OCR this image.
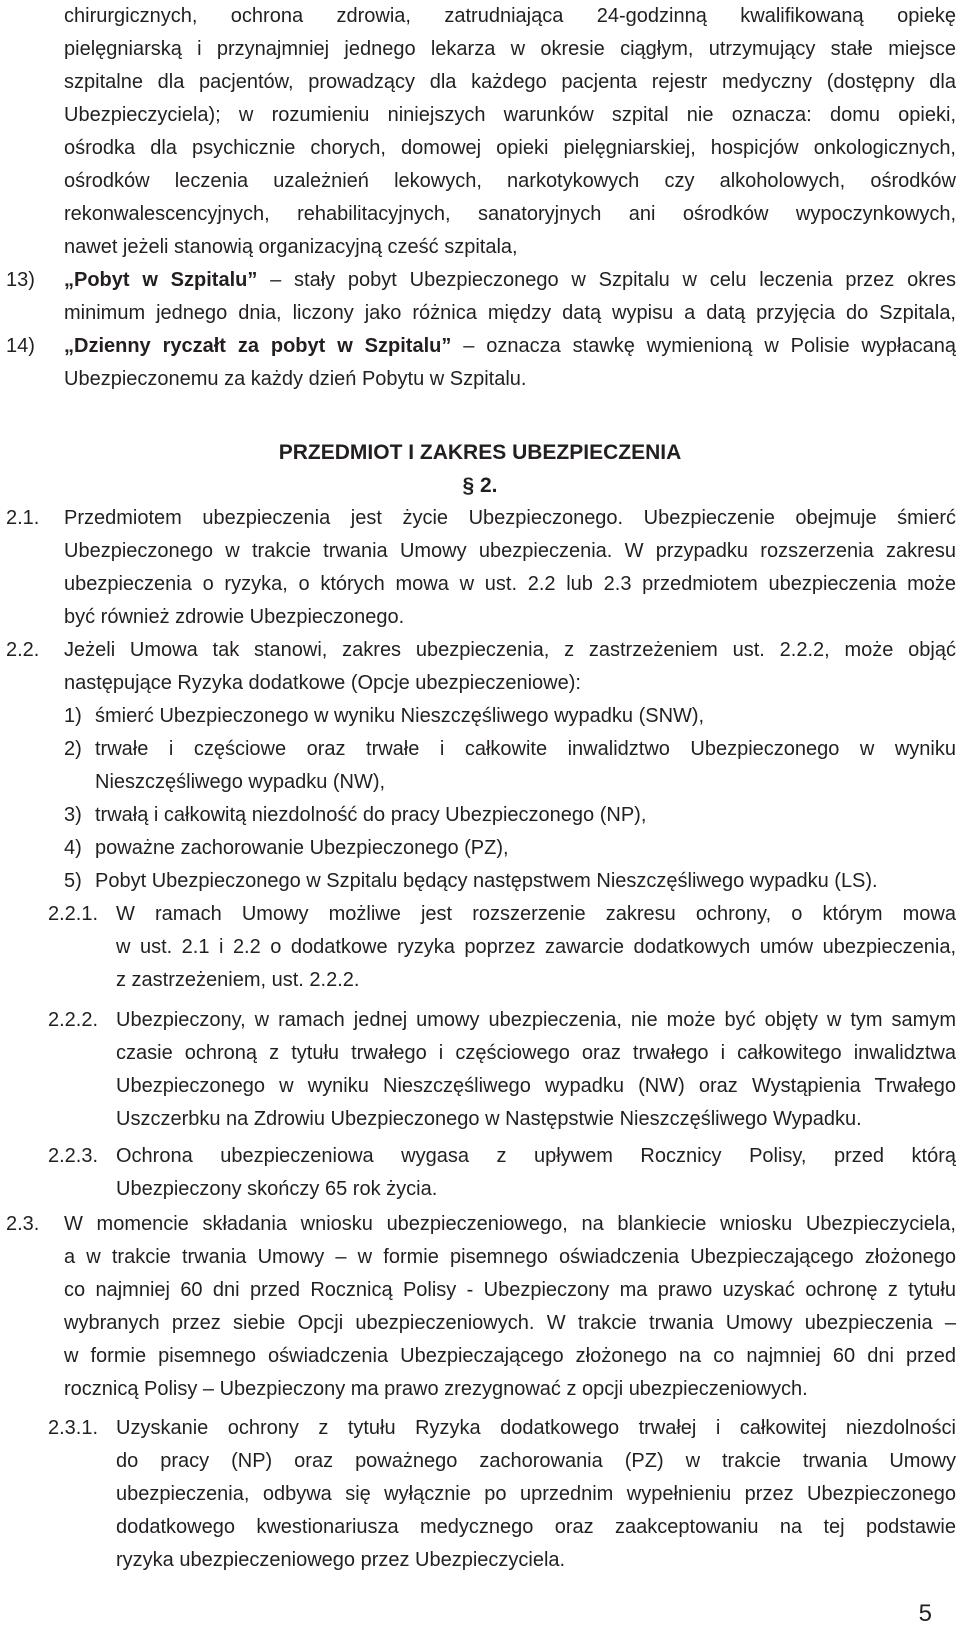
chirurgicznych, ochrona zdrowia, zatrudniająca 24-godzinną kwalifikowaną opiekę
pielęgniarską i przynajmniej jednego lekarza w okresie ciągłym, utrzymujący stałe miejsce
szpitalne dla pacjentów, prowadzący dla każdego pacjenta rejestr medyczny (dostępny dla
Ubezpieczyciela); w rozumieniu niniejszych warunków szpital nie oznacza: domu opieki,
ośrodka dla psychicznie chorych, domowej opieki pielęgniarskiej, hospicjów onkologicznych,
ośrodków leczenia uzależnień lekowych, narkotykowych czy alkoholowych, ośrodków
rekonwalescencyjnych, rehabilitacyjnych, sanatoryjnych ani ośrodków wypoczynkowych,
nawet jeżeli stanowią organizacyjną cześć szpitala,
13)	„Pobyt w Szpitalu” – stały pobyt Ubezpieczonego w Szpitalu w celu leczenia przez okres
minimum jednego dnia, liczony jako różnica między datą wypisu a datą przyjęcia do Szpitala,
14)	„Dzienny ryczałt za pobyt w Szpitalu” – oznacza stawkę wymienioną w Polisie wypłacaną
Ubezpieczonemu za każdy dzień Pobytu w Szpitalu.
PRZEDMIOT I ZAKRES UBEZPIECZENIA
§ 2.
2.1.	Przedmiotem ubezpieczenia jest życie Ubezpieczonego. Ubezpieczenie obejmuje śmierć
Ubezpieczonego w trakcie trwania Umowy ubezpieczenia. W przypadku rozszerzenia zakresu
ubezpieczenia o ryzyka, o których mowa w ust. 2.2 lub 2.3 przedmiotem ubezpieczenia może
być również zdrowie Ubezpieczonego.
2.2.	Jeżeli Umowa tak stanowi, zakres ubezpieczenia, z zastrzeżeniem ust. 2.2.2, może objąć
następujące Ryzyka dodatkowe (Opcje ubezpieczeniowe):
1) śmierć Ubezpieczonego w wyniku Nieszczęśliwego wypadku (SNW),
2) trwałe i częściowe oraz trwałe i całkowite inwalidztwo Ubezpieczonego w wyniku
Nieszczęśliwego wypadku (NW),
3) trwałą i całkowitą niezdolność do pracy Ubezpieczonego (NP),
4) poważne zachorowanie Ubezpieczonego (PZ),
5) Pobyt Ubezpieczonego w Szpitalu będący następstwem Nieszczęśliwego wypadku (LS).
2.2.1. W ramach Umowy możliwe jest rozszerzenie zakresu ochrony, o którym mowa
w ust. 2.1 i 2.2 o dodatkowe ryzyka poprzez zawarcie dodatkowych umów ubezpieczenia,
z zastrzeżeniem, ust. 2.2.2.
2.2.2. Ubezpieczony, w ramach jednej umowy ubezpieczenia, nie może być objęty w tym samym
czasie ochroną z tytułu trwałego i częściowego oraz trwałego i całkowitego inwalidztwa
Ubezpieczonego w wyniku Nieszczęśliwego wypadku (NW) oraz Wystąpienia Trwałego
Uszczerbku na Zdrowiu Ubezpieczonego w Następstwie Nieszczęśliwego Wypadku.
2.2.3. Ochrona ubezpieczeniowa wygasa z upływem Rocznicy Polisy, przed którą
Ubezpieczony skończy 65 rok życia.
2.3.	W momencie składania wniosku ubezpieczeniowego, na blankiecie wniosku Ubezpieczyciela,
a w trakcie trwania Umowy – w formie pisemnego oświadczenia Ubezpieczającego złożonego
co najmniej 60 dni przed Rocznicą Polisy - Ubezpieczony ma prawo uzyskać ochronę z tytułu
wybranych przez siebie Opcji ubezpieczeniowych. W trakcie trwania Umowy ubezpieczenia –
w formie pisemnego oświadczenia Ubezpieczającego złożonego na co najmniej 60 dni przed
rocznicą Polisy – Ubezpieczony ma prawo zrezygnować z opcji ubezpieczeniowych.
2.3.1. Uzyskanie ochrony z tytułu Ryzyka dodatkowego trwałej i całkowitej niezdolności
do pracy (NP) oraz poważnego zachorowania (PZ) w trakcie trwania Umowy
ubezpieczenia, odbywa się wyłącznie po uprzednim wypełnieniu przez Ubezpieczonego
dodatkowego kwestionariusza medycznego oraz zaakceptowaniu na tej podstawie
ryzyka ubezpieczeniowego przez Ubezpieczyciela.
5
